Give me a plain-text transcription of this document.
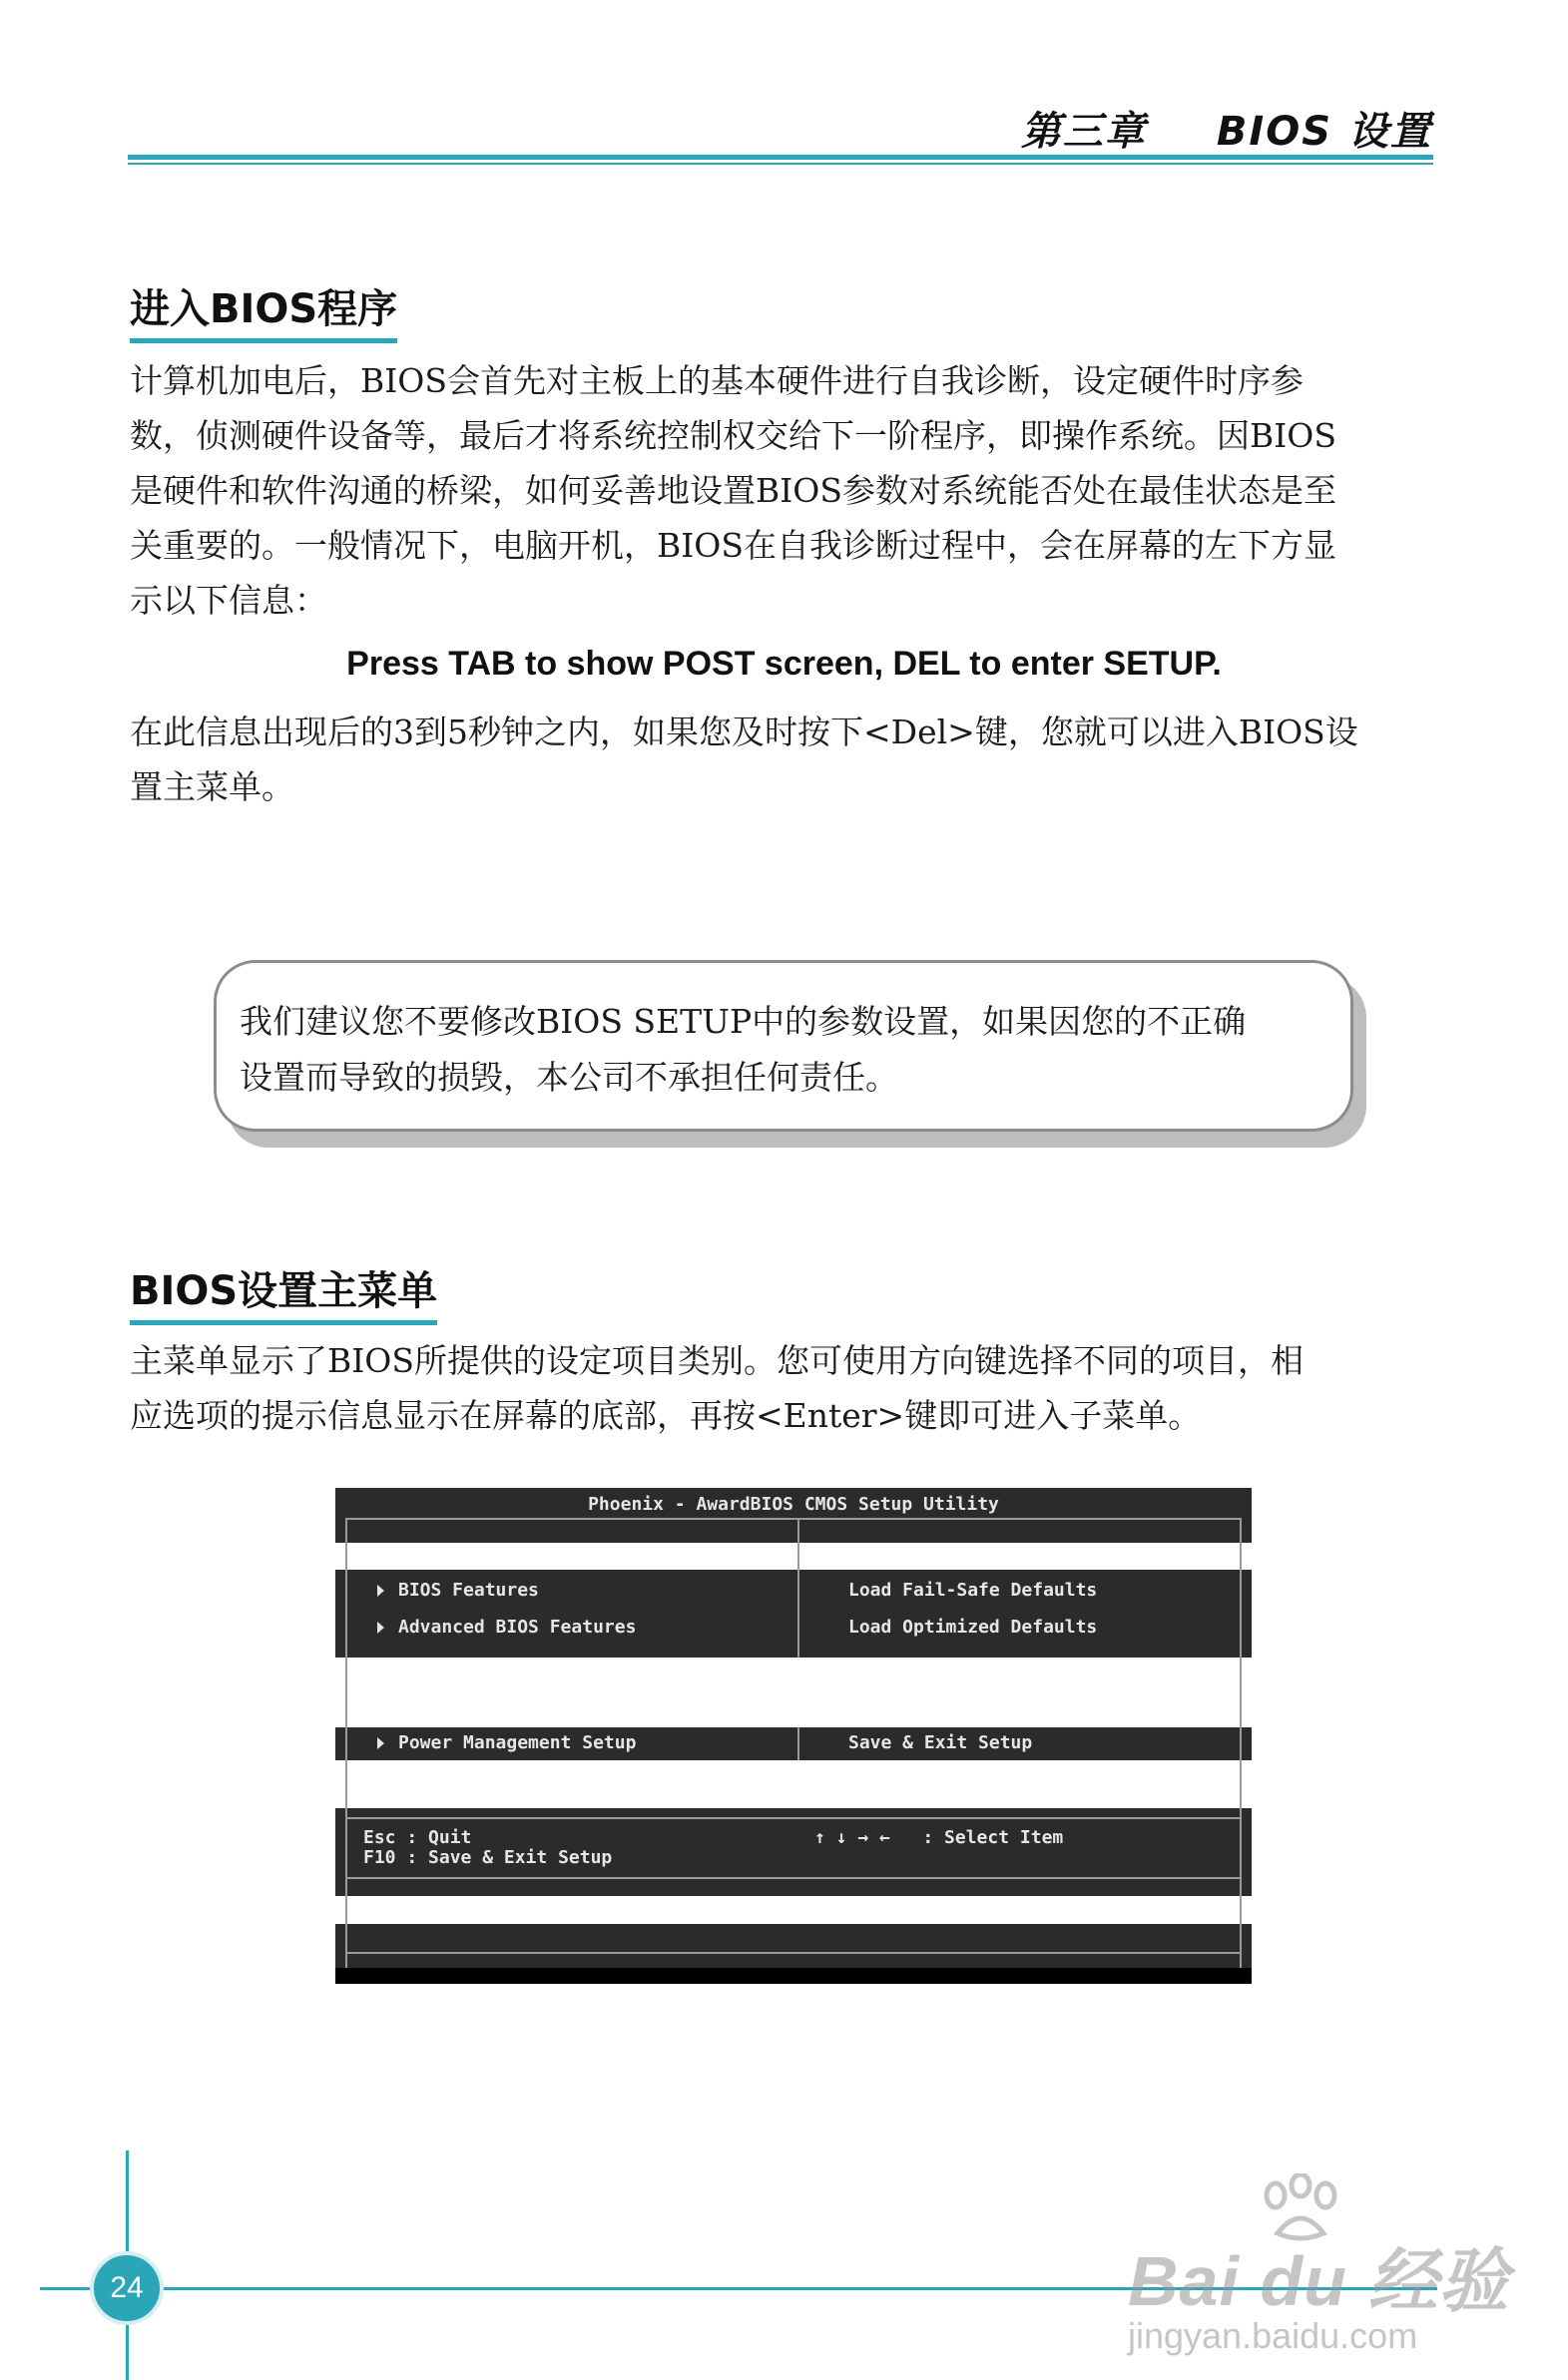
第三章 BIOS 设置
进入BIOS程序
计算机加电后，BIOS会首先对主板上的基本硬件进行自我诊断，设定硬件时序参
数，侦测硬件设备等，最后才将系统控制权交给下一阶程序，即操作系统。因BIOS
是硬件和软件沟通的桥梁，如何妥善地设置BIOS参数对系统能否处在最佳状态是至
关重要的。一般情况下，电脑开机，BIOS在自我诊断过程中，会在屏幕的左下方显
示以下信息：
Press TAB to show POST screen, DEL to enter SETUP.
在此信息出现后的3到5秒钟之内，如果您及时按下<Del>键，您就可以进入BIOS设
置主菜单。
我们建议您不要修改BIOS SETUP中的参数设置，如果因您的不正确
设置而导致的损毁，本公司不承担任何责任。
BIOS设置主菜单
主菜单显示了BIOS所提供的设定项目类别。您可使用方向键选择不同的项目，相
应选项的提示信息显示在屏幕的底部，再按<Enter>键即可进入子菜单。
Phoenix - AwardBIOS CMOS Setup Utility
BIOS Features
Advanced BIOS Features
Power Management Setup
Load Fail-Safe Defaults
Load Optimized Defaults
Save & Exit Setup
Esc : Quit
F10 : Save & Exit Setup
↑ ↓ → ←   : Select Item
24	Bai du 经验
jingyan.baidu.com
